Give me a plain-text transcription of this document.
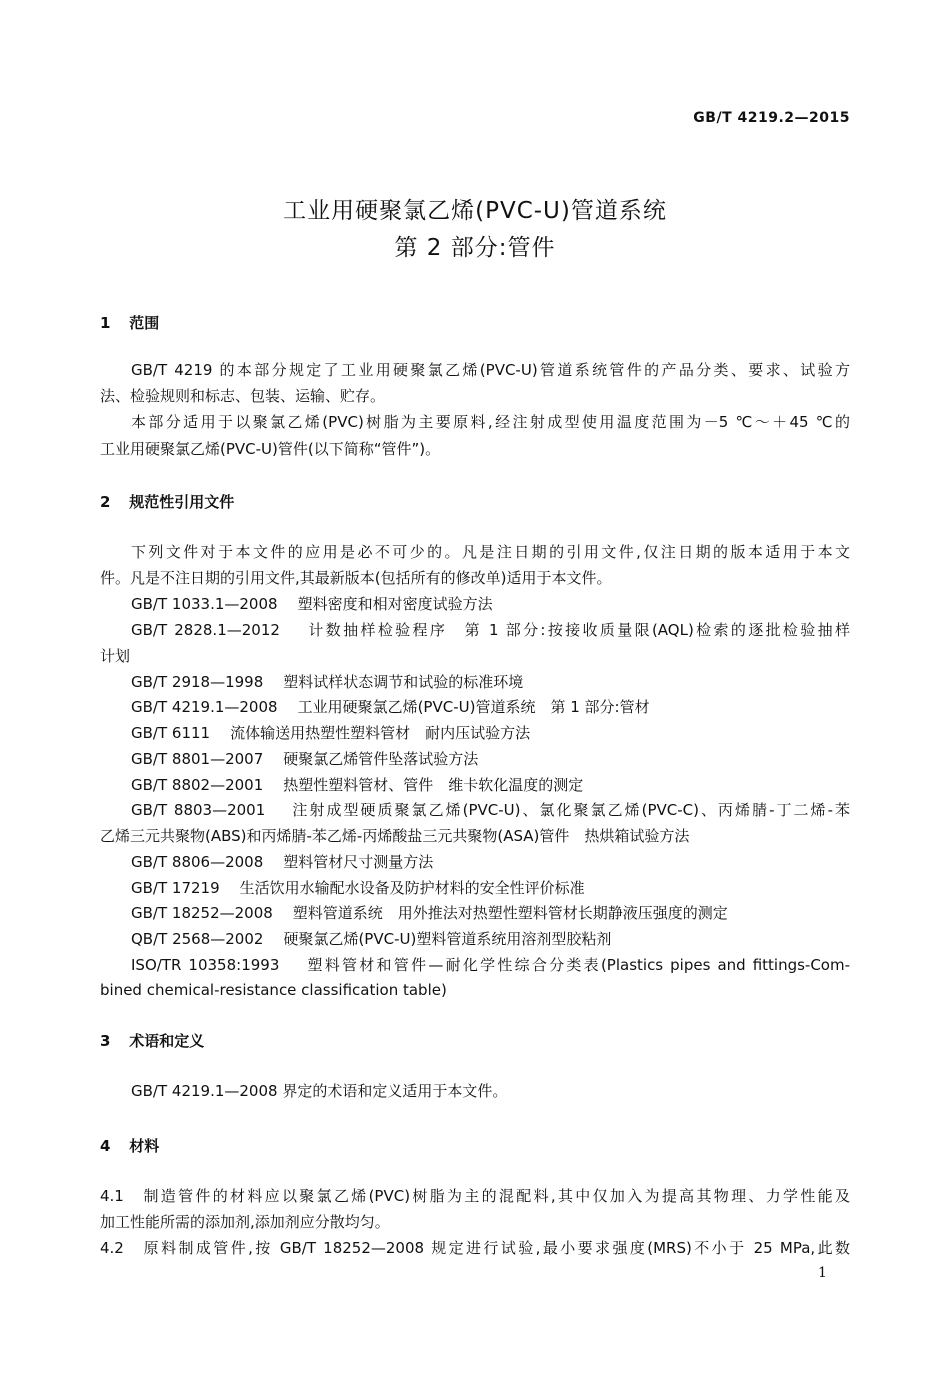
GB/T 4219.2—2015
工业用硬聚氯乙烯(PVC-U)管道系统
第 2 部分:管件
1 范围
GB/T 4219 的本部分规定了工业用硬聚氯乙烯(PVC-U)管道系统管件的产品分类、要求、试验方
法、检验规则和标志、包装、运输、贮存。
本部分适用于以聚氯乙烯(PVC)树脂为主要原料,经注射成型使用温度范围为－5 ℃～＋45 ℃的
工业用硬聚氯乙烯(PVC-U)管件(以下简称“管件”)。
2 规范性引用文件
下列文件对于本文件的应用是必不可少的。凡是注日期的引用文件,仅注日期的版本适用于本文
件。凡是不注日期的引用文件,其最新版本(包括所有的修改单)适用于本文件。
GB/T 1033.1—2008 塑料密度和相对密度试验方法
GB/T 2828.1—2012 计数抽样检验程序　第 1 部分:按接收质量限(AQL)检索的逐批检验抽样
计划
GB/T 2918—1998 塑料试样状态调节和试验的标准环境
GB/T 4219.1—2008 工业用硬聚氯乙烯(PVC-U)管道系统　第 1 部分:管材
GB/T 6111 流体输送用热塑性塑料管材　耐内压试验方法
GB/T 8801—2007 硬聚氯乙烯管件坠落试验方法
GB/T 8802—2001 热塑性塑料管材、管件　维卡软化温度的测定
GB/T 8803—2001 注射成型硬质聚氯乙烯(PVC-U)、氯化聚氯乙烯(PVC-C)、丙烯腈-丁二烯-苯
乙烯三元共聚物(ABS)和丙烯腈-苯乙烯-丙烯酸盐三元共聚物(ASA)管件　热烘箱试验方法
GB/T 8806—2008 塑料管材尺寸测量方法
GB/T 17219 生活饮用水输配水设备及防护材料的安全性评价标准
GB/T 18252—2008 塑料管道系统　用外推法对热塑性塑料管材长期静液压强度的测定
QB/T 2568—2002 硬聚氯乙烯(PVC-U)塑料管道系统用溶剂型胶粘剂
ISO/TR 10358:1993 塑料管材和管件—耐化学性综合分类表(Plastics pipes and fittings-Com-
bined chemical-resistance classification table)
3 术语和定义
GB/T 4219.1—2008 界定的术语和定义适用于本文件。
4 材料
4.1　制造管件的材料应以聚氯乙烯(PVC)树脂为主的混配料,其中仅加入为提高其物理、力学性能及
加工性能所需的添加剂,添加剂应分散均匀。
4.2　原料制成管件,按 GB/T 18252—2008 规定进行试验,最小要求强度(MRS)不小于 25 MPa,此数
1
